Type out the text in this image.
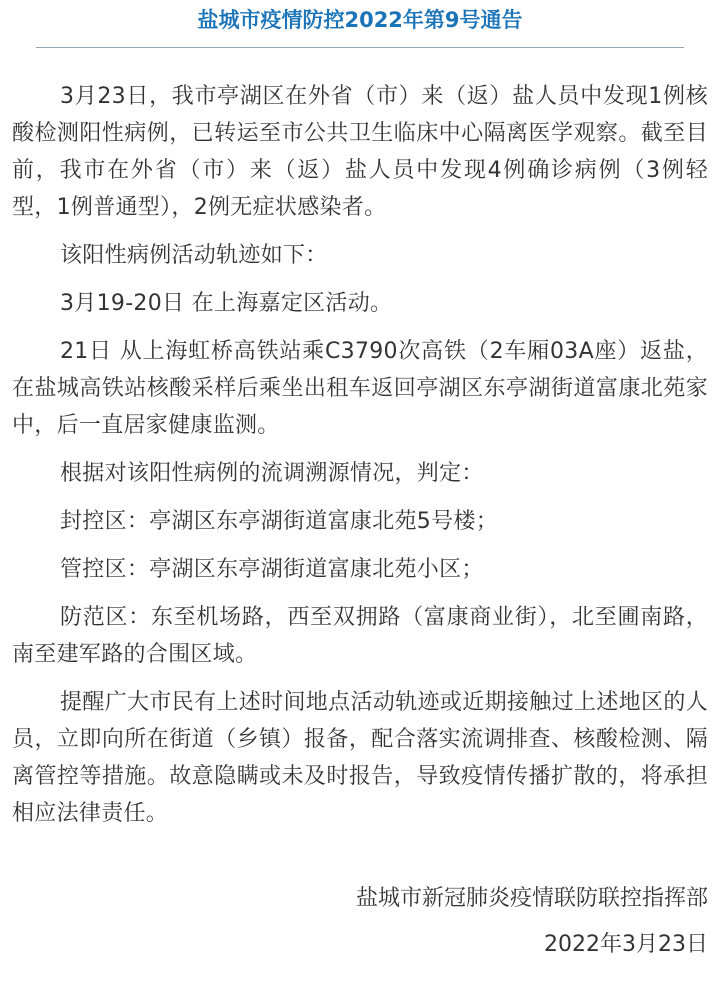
盐城市疫情防控2022年第9号通告

3月23日，我市亭湖区在外省（市）来（返）盐人员中发现1例核酸检测阳性病例，已转运至市公共卫生临床中心隔离医学观察。截至目前，我市在外省（市）来（返）盐人员中发现4例确诊病例（3例轻型，1例普通型），2例无症状感染者。

该阳性病例活动轨迹如下：

3月19-20日 在上海嘉定区活动。

21日 从上海虹桥高铁站乘C3790次高铁（2车厢03A座）返盐，在盐城高铁站核酸采样后乘坐出租车返回亭湖区东亭湖街道富康北苑家中，后一直居家健康监测。

根据对该阳性病例的流调溯源情况，判定：

封控区：亭湖区东亭湖街道富康北苑5号楼；

管控区：亭湖区东亭湖街道富康北苑小区；

防范区：东至机场路，西至双拥路（富康商业街），北至圃南路，南至建军路的合围区域。

提醒广大市民有上述时间地点活动轨迹或近期接触过上述地区的人员，立即向所在街道（乡镇）报备，配合落实流调排查、核酸检测、隔离管控等措施。故意隐瞒或未及时报告，导致疫情传播扩散的，将承担相应法律责任。

盐城市新冠肺炎疫情联防联控指挥部

2022年3月23日
